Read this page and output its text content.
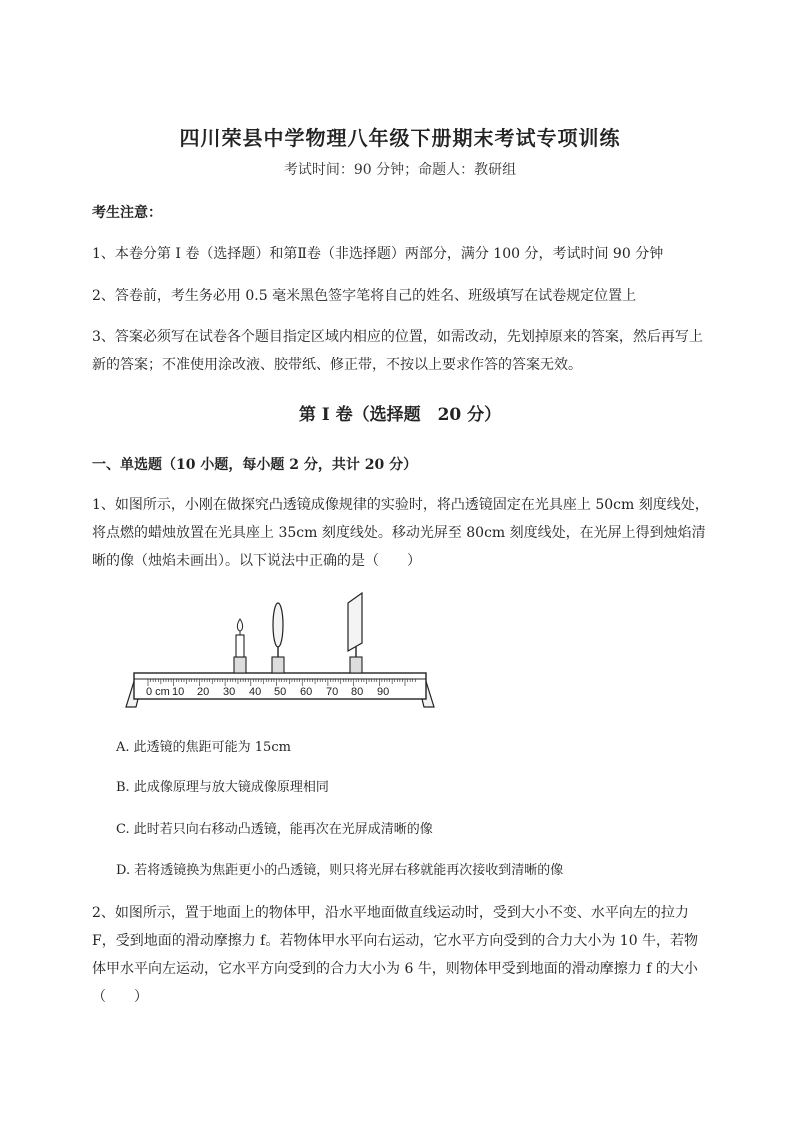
四川荣县中学物理八年级下册期末考试专项训练
考试时间：90 分钟；命题人：教研组
考生注意：
1、本卷分第 I 卷（选择题）和第Ⅱ卷（非选择题）两部分，满分 100 分，考试时间 90 分钟
2、答卷前，考生务必用 0.5 毫米黑色签字笔将自己的姓名、班级填写在试卷规定位置上
3、答案必须写在试卷各个题目指定区域内相应的位置，如需改动，先划掉原来的答案，然后再写上新的答案；不准使用涂改液、胶带纸、修正带，不按以上要求作答的答案无效。
第 I 卷（选择题　20 分）
一、单选题（10 小题，每小题 2 分，共计 20 分）
1、如图所示，小刚在做探究凸透镜成像规律的实验时，将凸透镜固定在光具座上 50cm 刻度线处，将点燃的蜡烛放置在光具座上 35cm 刻度线处。移动光屏至 80cm 刻度线处，在光屏上得到烛焰清晰的像（烛焰未画出）。以下说法中正确的是（　　）
0 cm 10 20 30 40 50 60 70 80 90
A. 此透镜的焦距可能为 15cm
B. 此成像原理与放大镜成像原理相同
C. 此时若只向右移动凸透镜，能再次在光屏成清晰的像
D. 若将透镜换为焦距更小的凸透镜，则只将光屏右移就能再次接收到清晰的像
2、如图所示，置于地面上的物体甲，沿水平地面做直线运动时，受到大小不变、水平向左的拉力 F，受到地面的滑动摩擦力 f。若物体甲水平向右运动，它水平方向受到的合力大小为 10 牛，若物体甲水平向左运动，它水平方向受到的合力大小为 6 牛，则物体甲受到地面的滑动摩擦力 f 的大小（　　）
